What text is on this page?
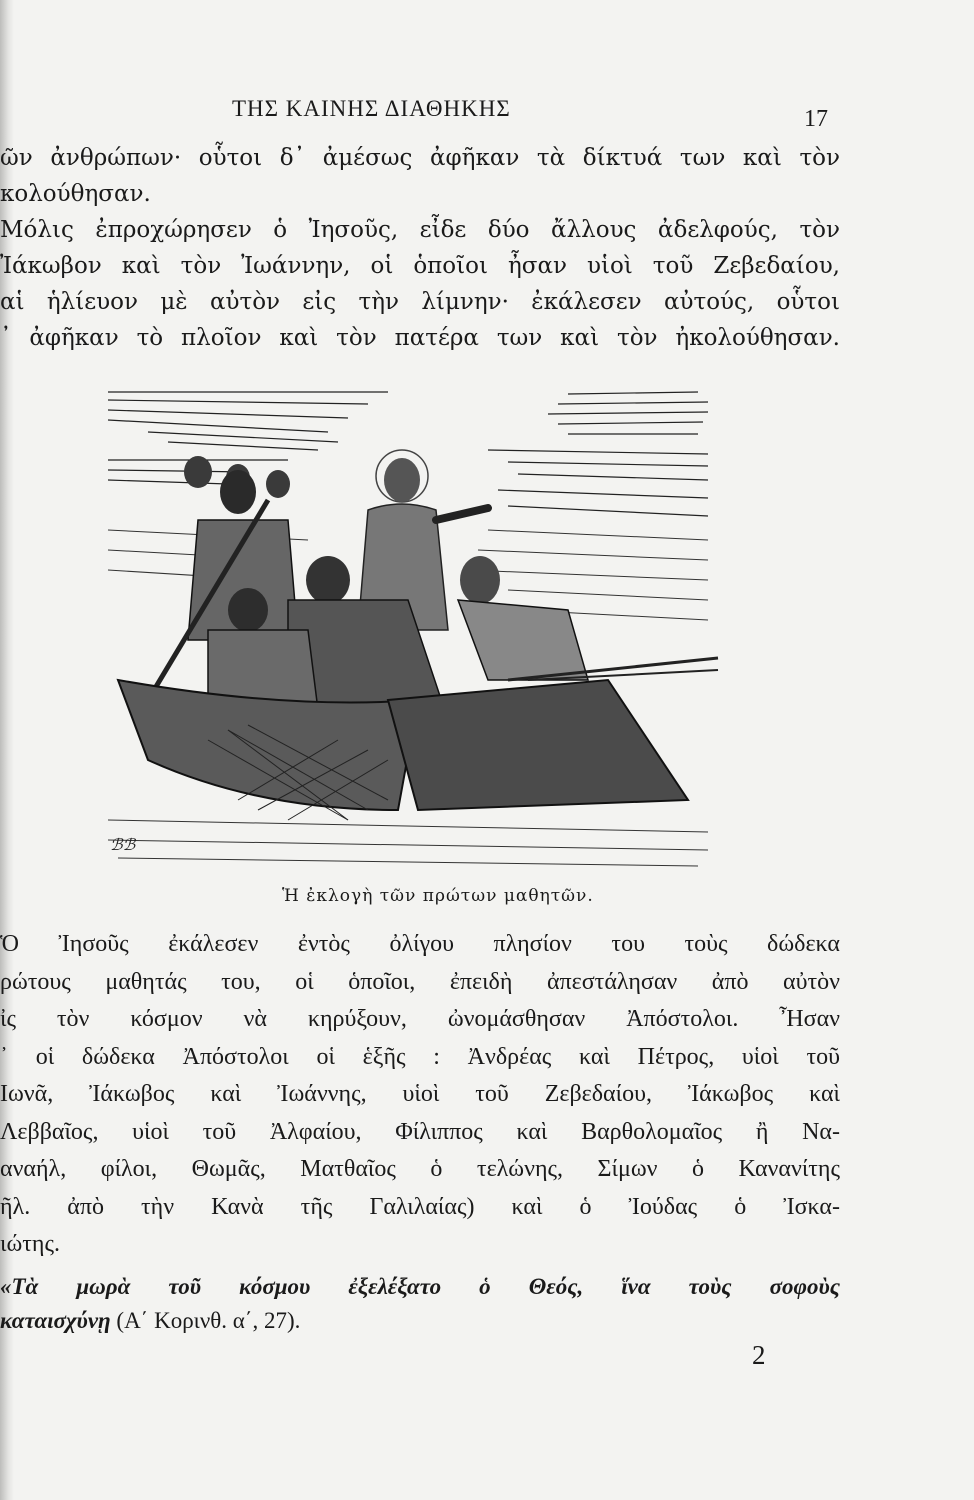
ΤΗΣ ΚΑΙΝΗΣ ΔΙΑΘΗΚΗΣ	17

ῶν ἀνθρώπων· οὗτοι δ᾽ ἀμέσως ἀφῆκαν τὰ δίκτυά των καὶ τὸν
κολούθησαν.

Μόλις ἐπροχώρησεν ὁ Ἰησοῦς, εἶδε δύο ἄλλους ἀδελφούς, τὸν
Ἰάκωβον καὶ τὸν Ἰωάννην, οἱ ὁποῖοι ἦσαν υἱοὶ τοῦ Ζεβεδαίου,
αἱ ἡλίευον μὲ αὐτὸν εἰς τὴν λίμνην· ἐκάλεσεν αὐτούς, οὗτοι
᾽ ἀφῆκαν τὸ πλοῖον καὶ τὸν πατέρα των καὶ τὸν ἠκολούθησαν.

ℬℬ
Ἡ ἐκλογὴ τῶν πρώτων μαθητῶν.

Ὁ Ἰησοῦς ἐκάλεσεν ἐντὸς ὀλίγου πλησίον του τοὺς δώδεκα
ρώτους μαθητάς του, οἱ ὁποῖοι, ἐπειδὴ ἀπεστάλησαν ἀπὸ αὐτὸν
ἰς τὸν κόσμον νὰ κηρύξουν, ὠνομάσθησαν Ἀπόστολοι. Ἦσαν
᾽ οἱ δώδεκα Ἀπόστολοι οἱ ἑξῆς : Ἀνδρέας καὶ Πέτρος, υἱοὶ τοῦ
Ιωνᾶ, Ἰάκωβος καὶ Ἰωάννης, υἱοὶ τοῦ Ζεβεδαίου, Ἰάκωβος καὶ
Λεββαῖος, υἱοὶ τοῦ Ἀλφαίου, Φίλιππος καὶ Βαρθολομαῖος ἢ Να-
αναήλ, φίλοι, Θωμᾶς, Ματθαῖος ὁ τελώνης, Σίμων ὁ Κανανίτης
ῆλ. ἀπὸ τὴν Κανὰ τῆς Γαλιλαίας) καὶ ὁ Ἰούδας ὁ Ἰσκα-
ιώτης.

«Τὰ μωρὰ τοῦ κόσμου ἐξελέξατο ὁ Θεός, ἵνα τοὺς σοφοὺς
καταισχύνῃ (Α΄ Κορινθ. α΄, 27).

2
